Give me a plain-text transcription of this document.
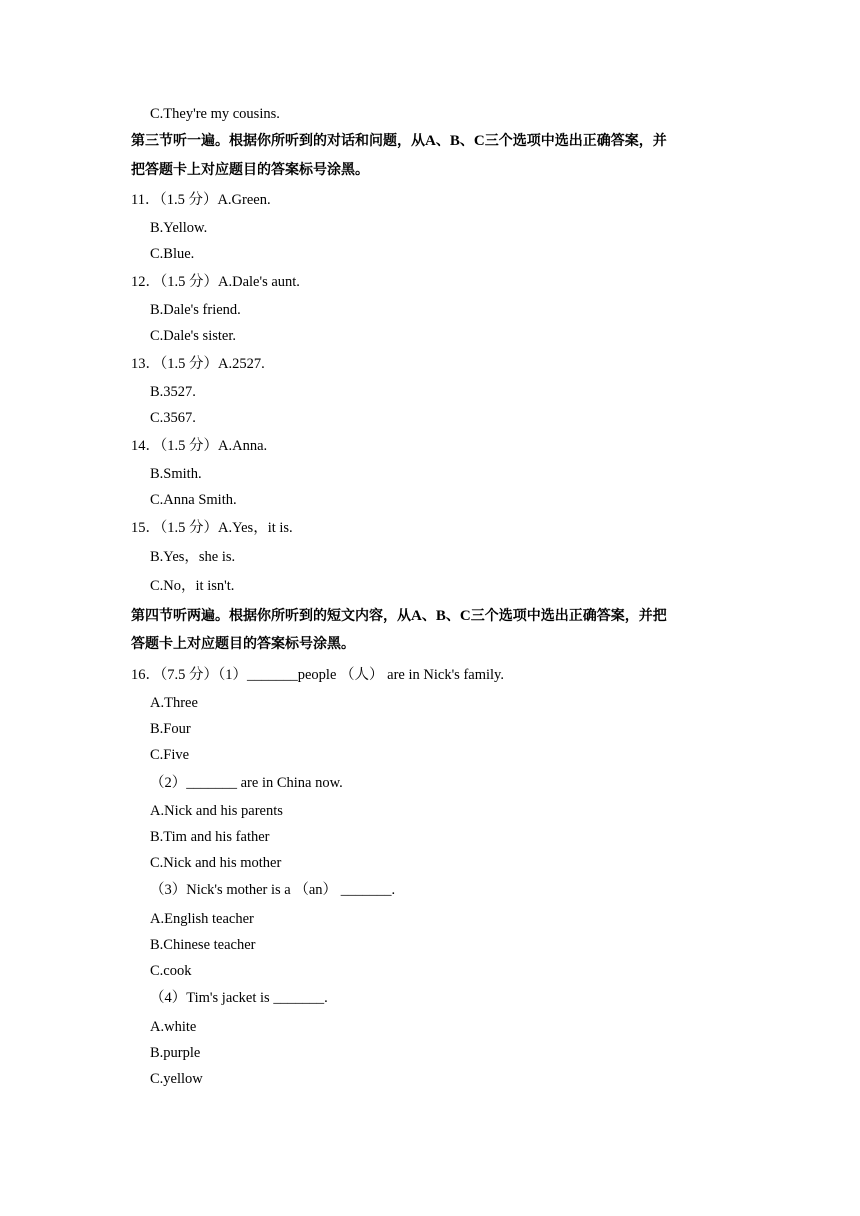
C.They're my cousins.
第三节听一遍。根据你所听到的对话和问题，从A、B、C三个选项中选出正确答案，并
把答题卡上对应题目的答案标号涂黑。
11．（1.5 分）A.Green.
B.Yellow.
C.Blue.
12．（1.5 分）A.Dale's aunt.
B.Dale's friend.
C.Dale's sister.
13．（1.5 分）A.2527.
B.3527.
C.3567.
14．（1.5 分）A.Anna.
B.Smith.
C.Anna Smith.
15．（1.5 分）A.Yes，it is.
B.Yes，she is.
C.No，it isn't.
第四节听两遍。根据你所听到的短文内容，从A、B、C三个选项中选出正确答案，并把
答题卡上对应题目的答案标号涂黑。
16．（7.5 分）（1）_______people （人） are in Nick's family.
A.Three
B.Four
C.Five
（2）_______ are in China now.
A.Nick and his parents
B.Tim and his father
C.Nick and his mother
（3）Nick's mother is a （an） _______.
A.English teacher
B.Chinese teacher
C.cook
（4）Tim's jacket is _______.
A.white
B.purple
C.yellow
